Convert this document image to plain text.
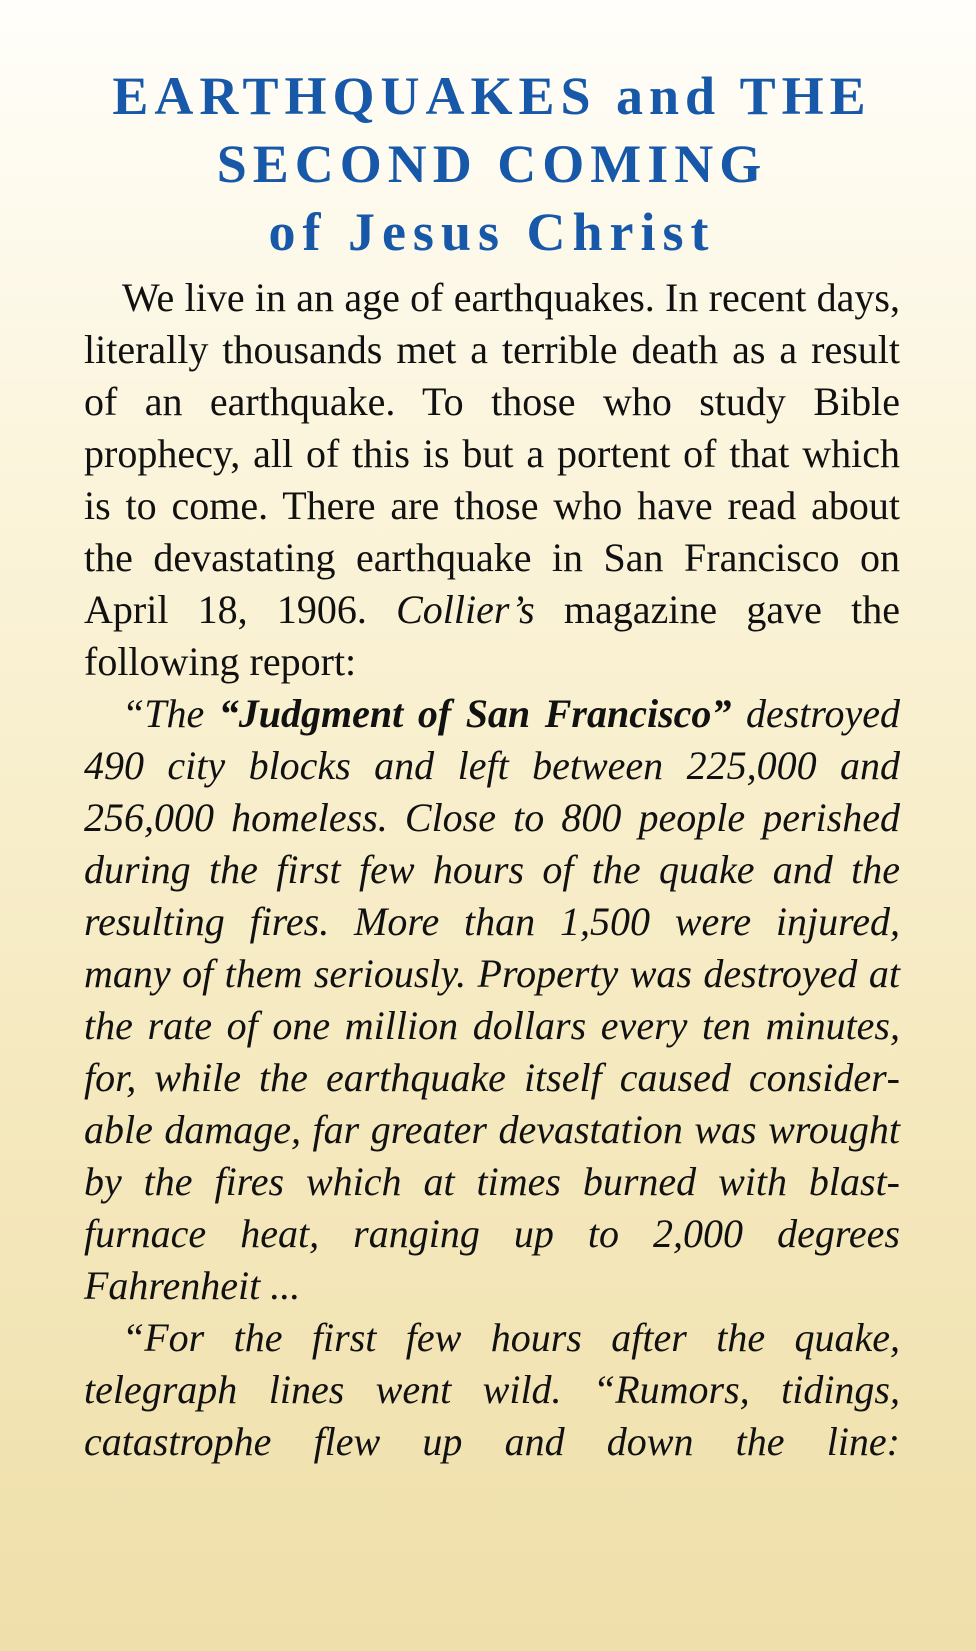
EARTHQUAKES and THE
SECOND COMING
of Jesus Christ

We live in an age of earthquakes. In recent days, literally thousands met a terrible death as a result of an earthquake. To those who study Bible prophecy, all of this is but a portent of that which is to come. There are those who have read about the devastating earthquake in San Francisco on April 18, 1906. Collier’s magazine gave the following report:

“The “Judgment of San Francisco” destroyed 490 city blocks and left between 225,000 and 256,000 homeless. Close to 800 people perished during the first few hours of the quake and the resulting fires. More than 1,500 were injured, many of them seriously. Property was destroyed at the rate of one million dollars every ten minutes, for, while the earthquake itself caused considerable damage, far greater devastation was wrought by the fires which at times burned with blast-furnace heat, ranging up to 2,000 degrees Fahrenheit ...

“For the first few hours after the quake, telegraph lines went wild. “Rumors, tidings, catastrophe flew up and down the line:
